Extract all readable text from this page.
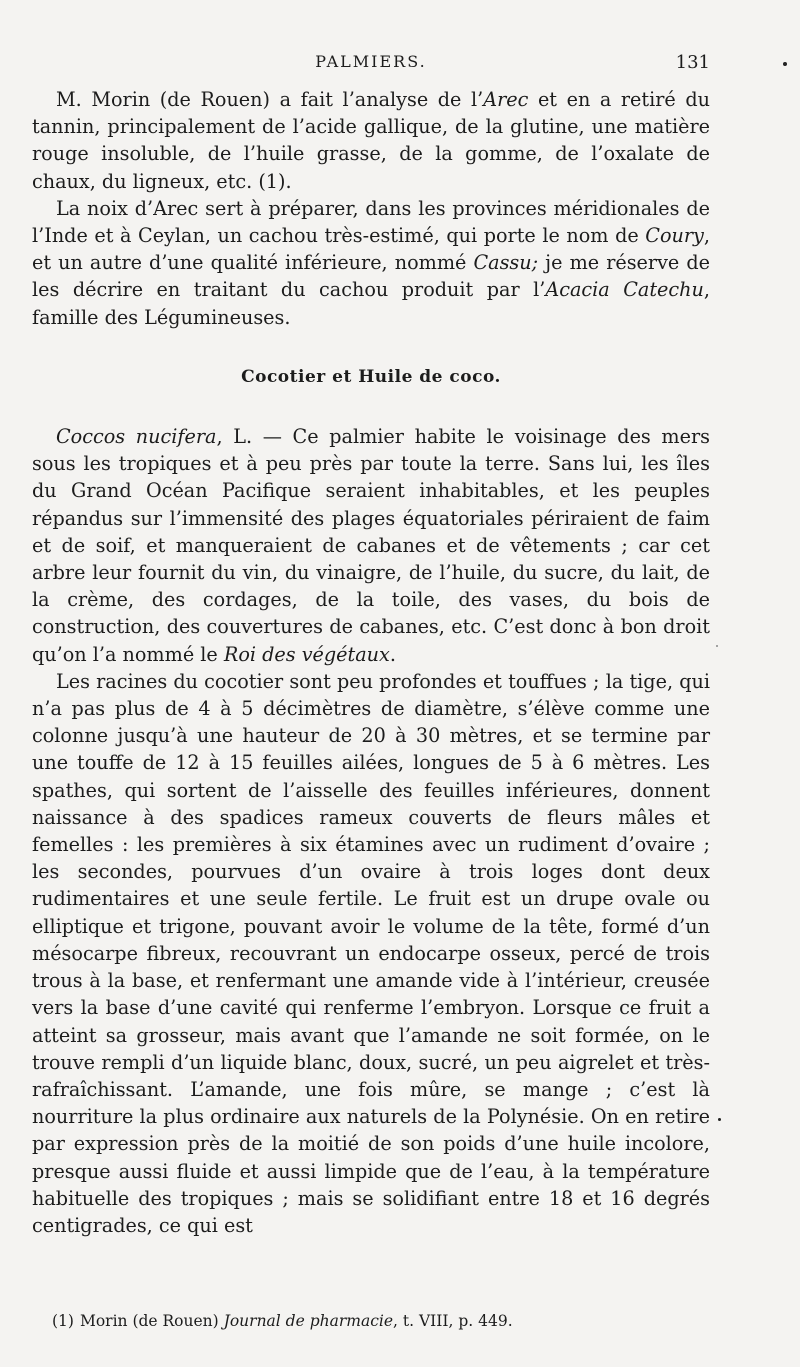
PALMIERS.	131

M. Morin (de Rouen) a fait l’analyse de l’Arec et en a retiré du tannin, principalement de l’acide gallique, de la glutine, une matière rouge insoluble, de l’huile grasse, de la gomme, de l’oxalate de chaux, du ligneux, etc. (1).

La noix d’Arec sert à préparer, dans les provinces méridionales de l’Inde et à Ceylan, un cachou très-estimé, qui porte le nom de Coury, et un autre d’une qualité inférieure, nommé Cassu; je me réserve de les décrire en traitant du cachou produit par l’Acacia Catechu, famille des Légumineuses.

Cocotier et Huile de coco.

Coccos nucifera, L. — Ce palmier habite le voisinage des mers sous les tropiques et à peu près par toute la terre. Sans lui, les îles du Grand Océan Pacifique seraient inhabitables, et les peuples répandus sur l’immensité des plages équatoriales périraient de faim et de soif, et manqueraient de cabanes et de vêtements ; car cet arbre leur fournit du vin, du vinaigre, de l’huile, du sucre, du lait, de la crème, des cordages, de la toile, des vases, du bois de construction, des couvertures de cabanes, etc. C’est donc à bon droit qu’on l’a nommé le Roi des végétaux.

Les racines du cocotier sont peu profondes et touffues ; la tige, qui n’a pas plus de 4 à 5 décimètres de diamètre, s’élève comme une colonne jusqu’à une hauteur de 20 à 30 mètres, et se termine par une touffe de 12 à 15 feuilles ailées, longues de 5 à 6 mètres. Les spathes, qui sortent de l’aisselle des feuilles inférieures, donnent naissance à des spadices rameux couverts de fleurs mâles et femelles : les premières à six étamines avec un rudiment d’ovaire ; les secondes, pourvues d’un ovaire à trois loges dont deux rudimentaires et une seule fertile. Le fruit est un drupe ovale ou elliptique et trigone, pouvant avoir le volume de la tête, formé d’un mésocarpe fibreux, recouvrant un endocarpe osseux, percé de trois trous à la base, et renfermant une amande vide à l’intérieur, creusée vers la base d’une cavité qui renferme l’embryon. Lorsque ce fruit a atteint sa grosseur, mais avant que l’amande ne soit formée, on le trouve rempli d’un liquide blanc, doux, sucré, un peu aigrelet et très-rafraîchissant. L’amande, une fois mûre, se mange ; c’est là nourriture la plus ordinaire aux naturels de la Polynésie. On en retire par expression près de la moitié de son poids d’une huile incolore, presque aussi fluide et aussi limpide que de l’eau, à la température habituelle des tropiques ; mais se solidifiant entre 18 et 16 degrés centigrades, ce qui est

(1) Morin (de Rouen) Journal de pharmacie, t. VIII, p. 449.
